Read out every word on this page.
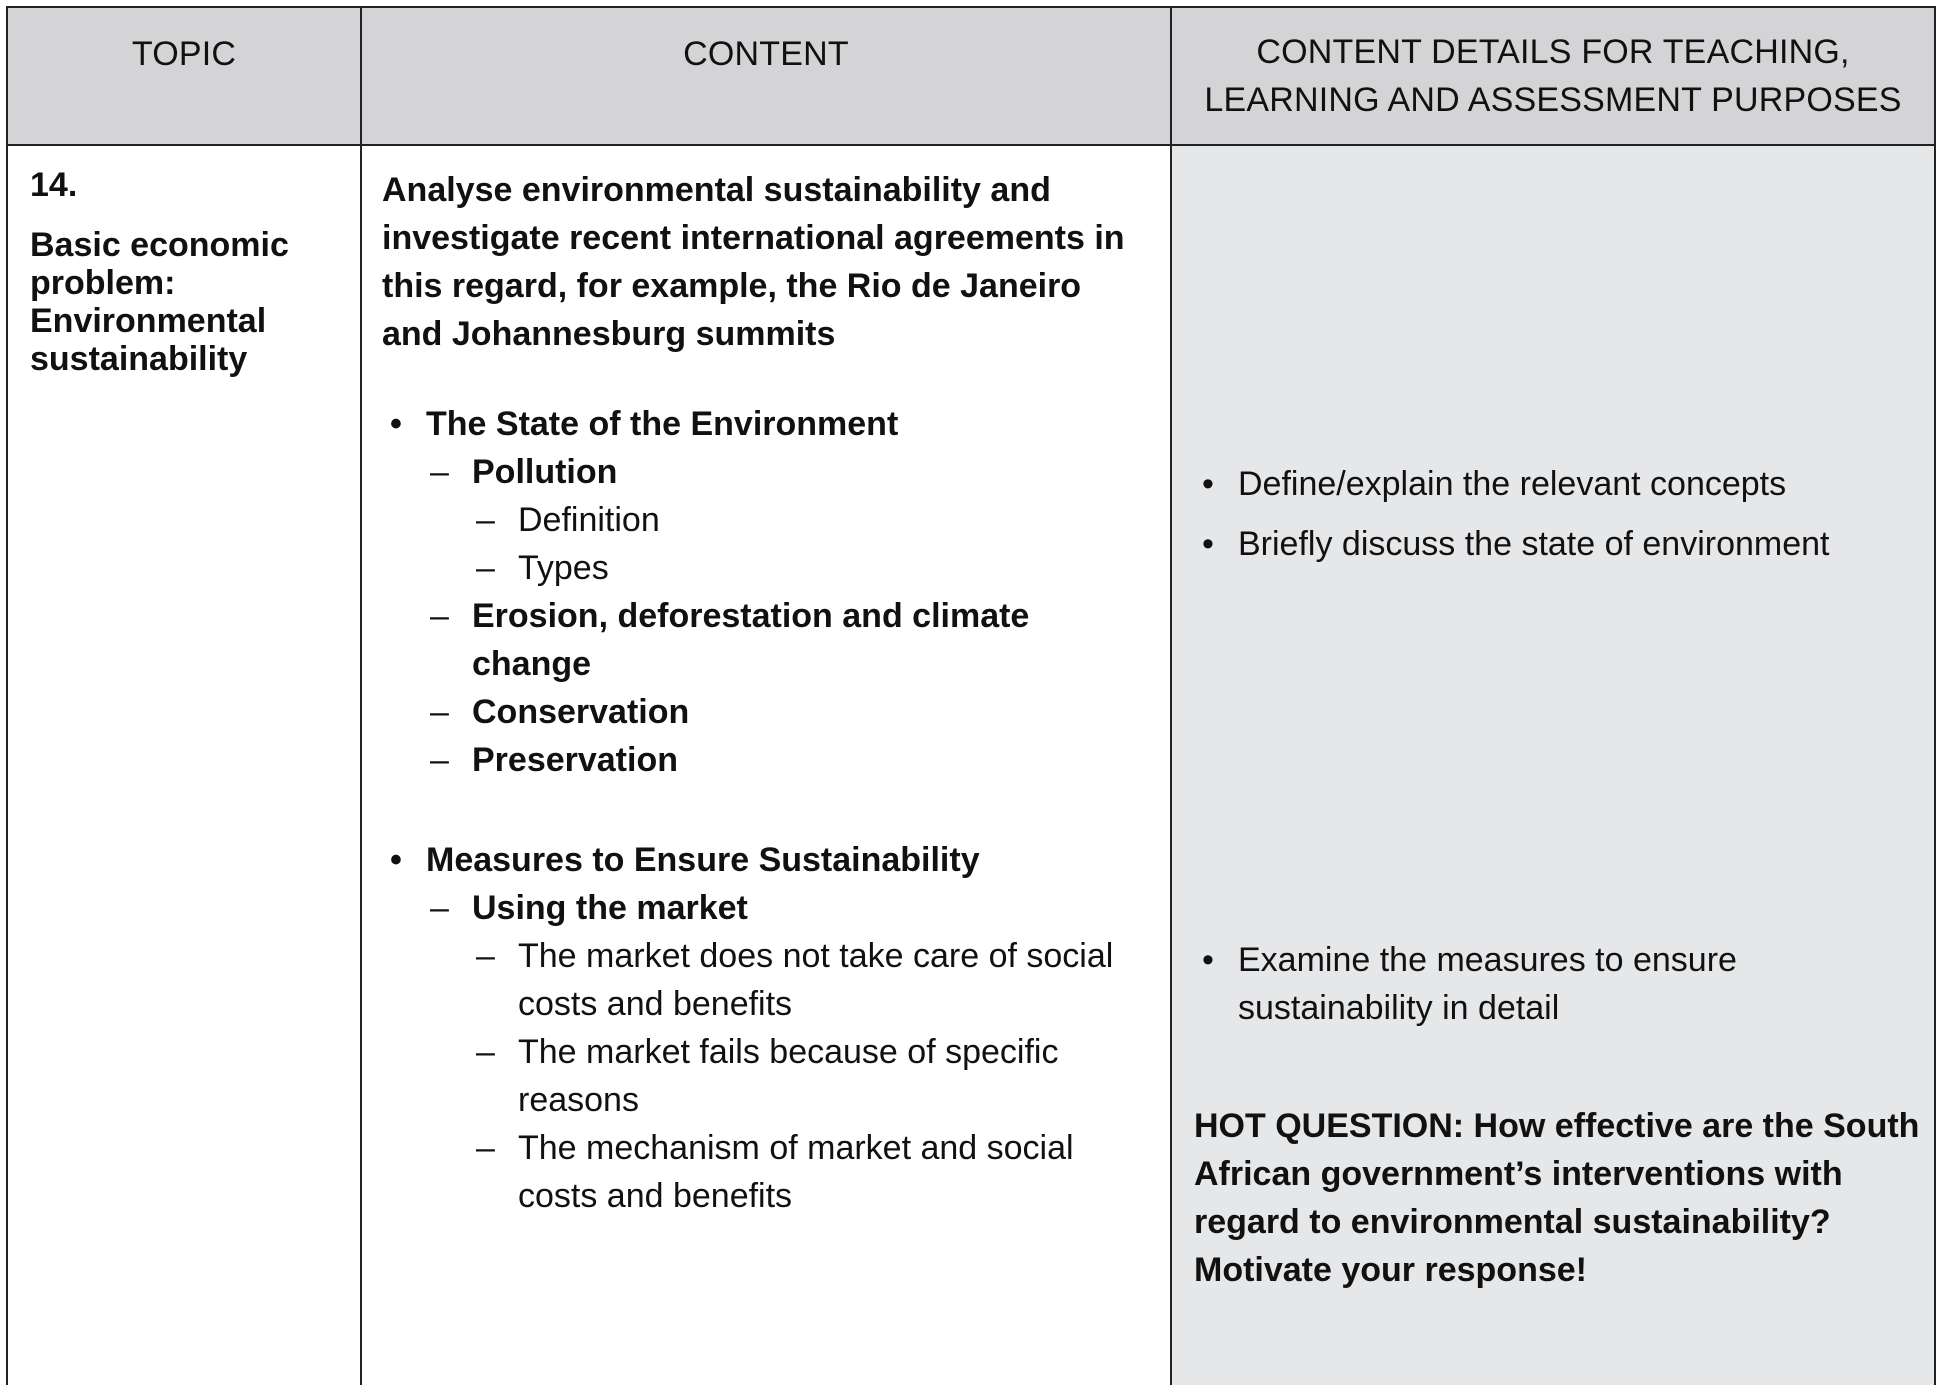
TOPIC	CONTENT	CONTENT DETAILS FOR TEACHING,
LEARNING AND ASSESSMENT PURPOSES
14.
Basic economic problem: Environmental sustainability
Analyse environmental sustainability and investigate recent international agreements in this regard, for example, the Rio de Janeiro and Johannesburg summits
• The State of the Environment
– Pollution
– Definition
– Types
– Erosion, deforestation and climate change
– Conservation
– Preservation
• Measures to Ensure Sustainability
– Using the market
– The market does not take care of social costs and benefits
– The market fails because of specific reasons
– The mechanism of market and social costs and benefits
• Define/explain the relevant concepts
• Briefly discuss the state of environment
• Examine the measures to ensure sustainability in detail
HOT QUESTION: How effective are the South African government’s interventions with regard to environmental sustainability? Motivate your response!
